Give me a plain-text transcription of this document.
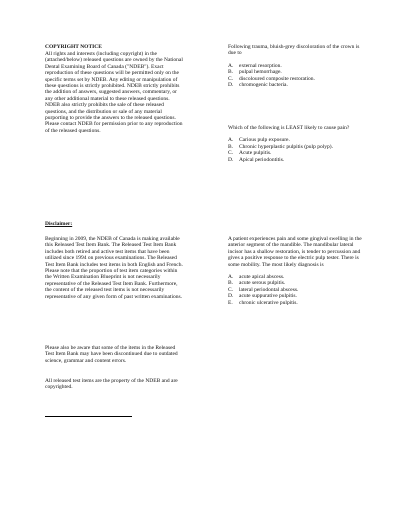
COPYRIGHT NOTICE

All rights and interests (including copyright) in the (attached/below) released questions are owned by the National Dental Examining Board of Canada ("NDEB"). Exact reproduction of these questions will be permitted only on the specific terms set by NDEB. Any editing or manipulation of these questions is strictly prohibited. NDEB strictly prohibits the addition of answers, suggested answers, commentary, or any other additional material to these released questions. NDEB also strictly prohibits the sale of these released questions, and the distribution or sale of any material purporting to provide the answers to the released questions. Please contact NDEB for permission prior to any reproduction of the released questions.

Disclaimer:

Beginning in 2009, the NDEB of Canada is making available this Released Test Item Bank. The Released Test Item Bank includes both retired and active test items that have been utilized since 1994 on previous examinations. The Released Test Item Bank includes test items in both English and French. Please note that the proportion of test item categories within the Written Examination Blueprint is not necessarily representative of the Released Test Item Bank. Furthermore, the content of the released test items is not necessarily representative of any given form of past written examinations.

Please also be aware that some of the items in the Released Test Item Bank may have been discontinued due to outdated science, grammar and content errors.

All released test items are the property of the NDEB and are copyrighted.

Following trauma, bluish-grey discoloration of the crown is due to

A.	external resorption.
B.	pulpal hemorrhage.
C.	discoloured composite restoration.
D.	chromogenic bacteria.

Which of the following is LEAST likely to cause pain?

A.	Carious pulp exposure.
B.	Chronic hyperplastic pulpitis (pulp polyp).
C.	Acute pulpitis.
D.	Apical periodontitis.

A patient experiences pain and some gingival swelling in the anterior segment of the mandible. The mandibular lateral incisor has a shallow restoration, is tender to percussion and gives a positive response to the electric pulp tester. There is some mobility. The most likely diagnosis is

A.	acute apical abscess.
B.	acute serous pulpitis.
C.	lateral periodontal abscess.
D.	acute suppurative pulpitis.
E.	chronic ulcerative pulpitis.
